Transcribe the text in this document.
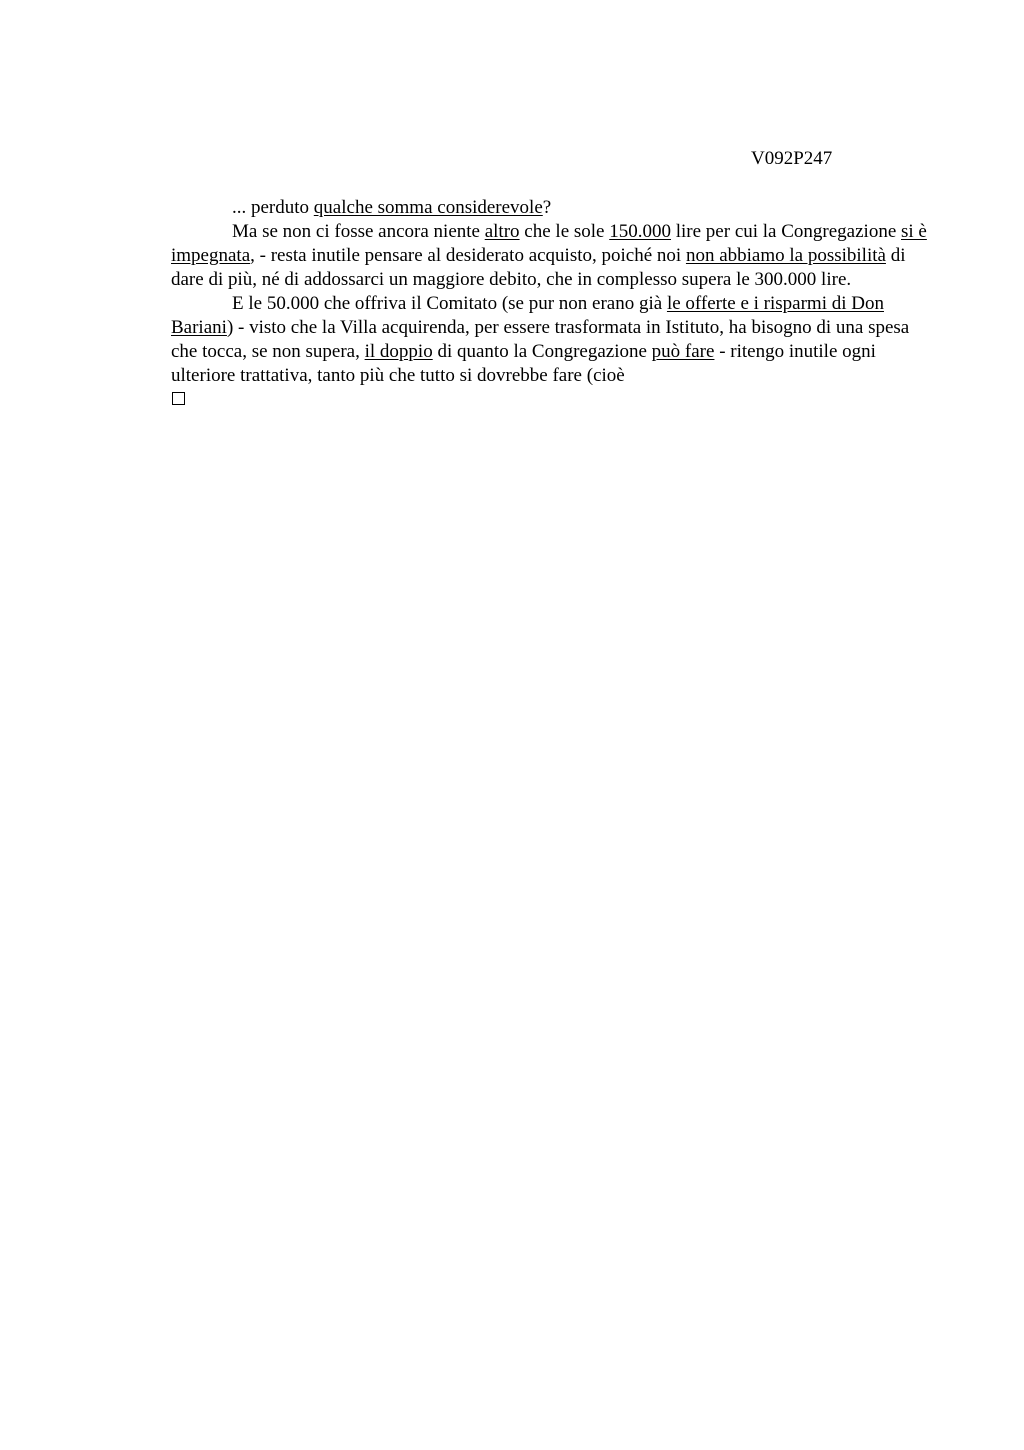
V092P247

... perduto qualche somma considerevole?

Ma se non ci fosse ancora niente altro che le sole 150.000 lire per cui la Congregazione si è impegnata, - resta inutile pensare al desiderato acquisto, poiché noi non abbiamo la possibilità di dare di più, né di addossarci un maggiore debito, che in complesso supera le 300.000 lire.

E le 50.000 che offriva il Comitato (se pur non erano già le offerte e i risparmi di Don Bariani) - visto che la Villa acquirenda, per essere trasformata in Istituto, ha bisogno di una spesa che tocca, se non supera, il doppio di quanto la Congregazione può fare - ritengo inutile ogni ulteriore trattativa, tanto più che tutto si dovrebbe fare (cioè
